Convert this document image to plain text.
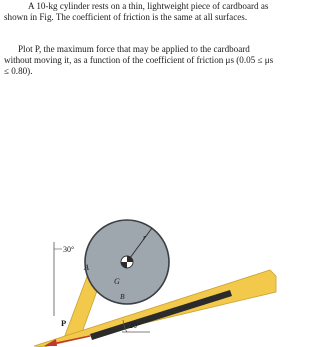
A 10-kg cylinder rests on a thin, lightweight piece of cardboard as shown in Fig. The coefficient of friction is the same at all surfaces.

Plot P, the maximum force that may be applied to the cardboard without moving it, as a function of the coefficient of friction μs (0.05 ≤ μs ≤ 0.80).

30°
A
G
r
B
P	20°
